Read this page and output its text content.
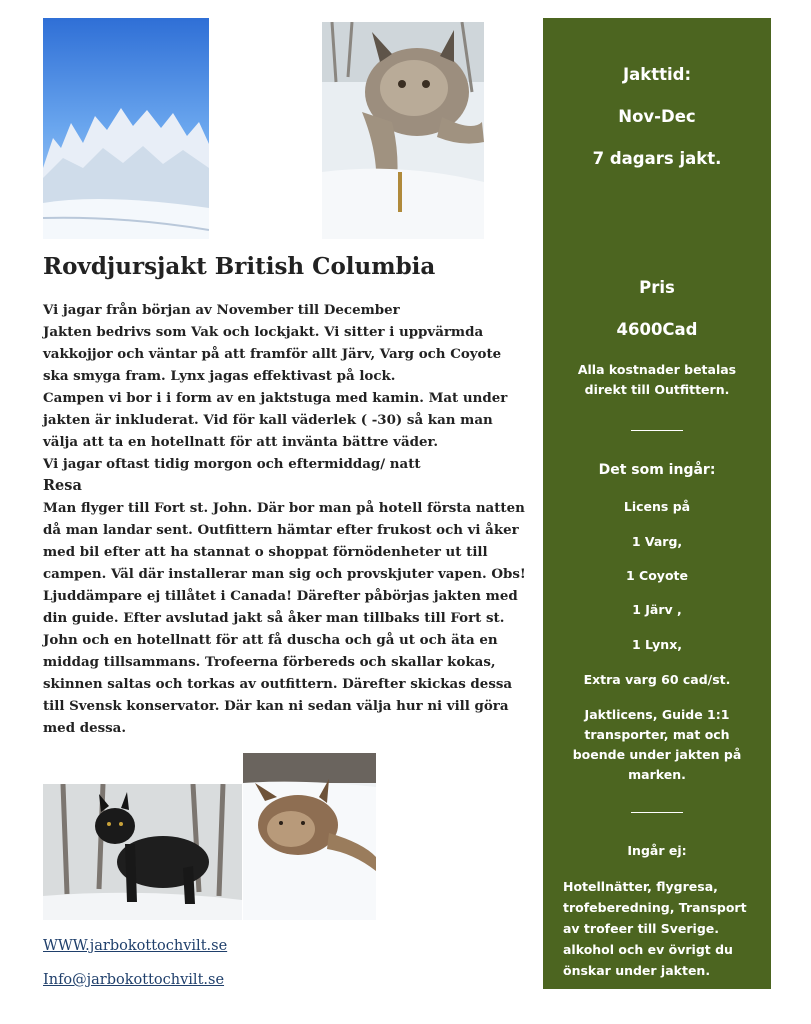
Rovdjursjakt British Columbia

Vi jagar från början av November till December

Jakten bedrivs som Vak och lockjakt. Vi sitter i uppvärmda vakkojjor och väntar på att framför allt Järv, Varg och Coyote ska smyga fram. Lynx jagas effektivast på lock.

Campen vi bor i i form av en jaktstuga med kamin. Mat under jakten är inkluderat. Vid för kall väderlek ( -30) så kan man välja att ta en hotellnatt för att invänta bättre väder.

Vi jagar oftast tidig morgon och eftermiddag/ natt

Resa

Man flyger till Fort st. John. Där bor man på hotell första natten då man landar sent. Outfittern hämtar efter frukost och vi åker med bil efter att ha stannat o shoppat förnödenheter ut till campen. Väl där installerar man sig och provskjuter vapen. Obs! Ljuddämpare ej tillåtet i Canada! Därefter påbörjas jakten med din guide. Efter avslutad jakt så åker man tillbaks till Fort st. John och en hotellnatt för att få duscha och gå ut och äta en middag tillsammans. Trofeerna förbereds och skallar kokas, skinnen saltas och torkas av outfittern. Därefter skickas dessa till Svensk konservator. Där kan ni sedan välja hur ni vill göra med dessa.

WWW.jarbokottochvilt.se
Info@jarbokottochvilt.se

Jakttid:

Nov-Dec

7 dagars jakt.

Pris

4600Cad

Alla kostnader betalas direkt till Outfittern.

Det som ingår:

Licens på

1 Varg,

1 Coyote

1 Järv ,

1 Lynx,

Extra varg 60 cad/st.

Jaktlicens, Guide 1:1 transporter, mat och boende under jakten på marken.

Ingår ej:

Hotellnätter, flygresa, trofeberedning, Transport av trofeer till Sverige. alkohol och ev övrigt du önskar under jakten.
